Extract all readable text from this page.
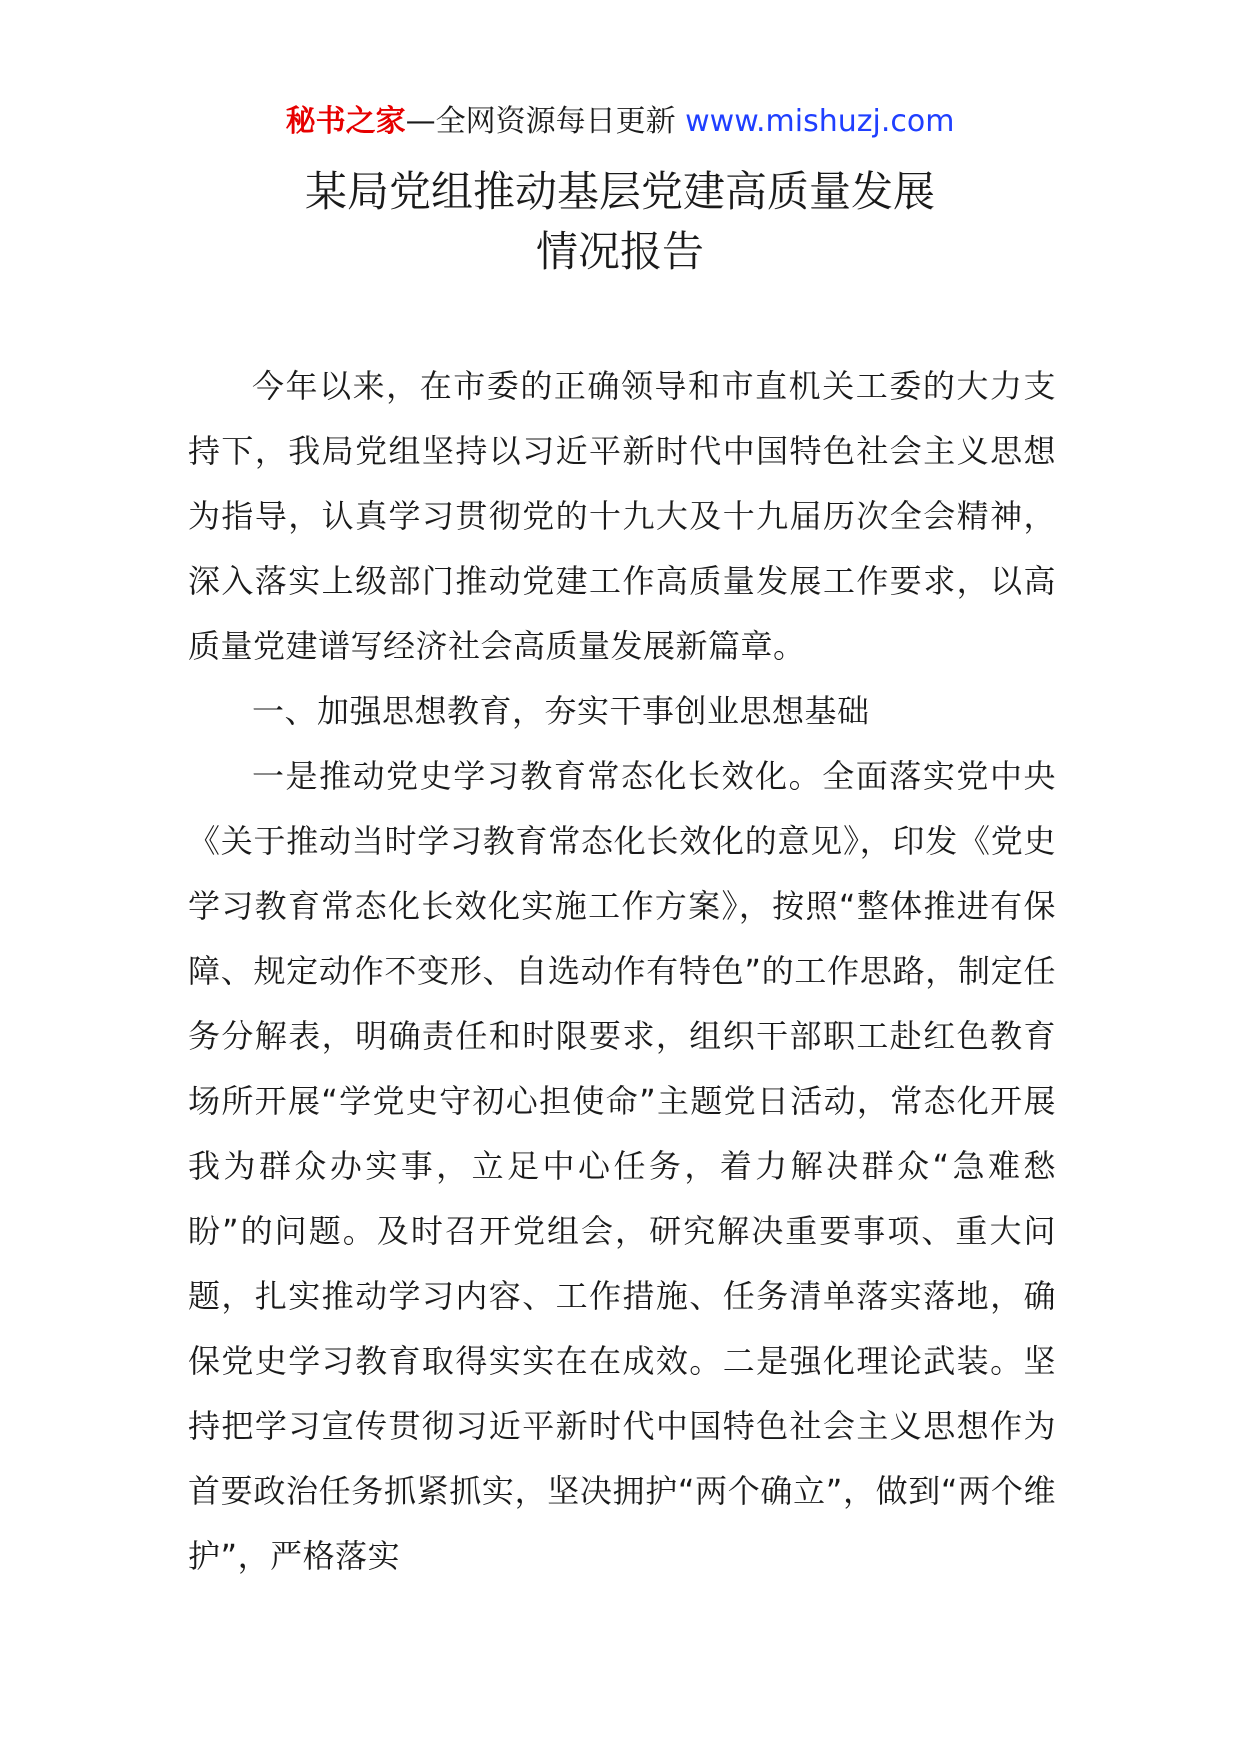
秘书之家—全网资源每日更新 www.mishuzj.com
某局党组推动基层党建高质量发展
情况报告

今年以来，在市委的正确领导和市直机关工委的大力支持下，我局党组坚持以习近平新时代中国特色社会主义思想为指导，认真学习贯彻党的十九大及十九届历次全会精神，深入落实上级部门推动党建工作高质量发展工作要求，以高质量党建谱写经济社会高质量发展新篇章。

一、加强思想教育，夯实干事创业思想基础

一是推动党史学习教育常态化长效化。全面落实党中央《关于推动当时学习教育常态化长效化的意见》，印发《党史学习教育常态化长效化实施工作方案》，按照“整体推进有保障、规定动作不变形、自选动作有特色”的工作思路，制定任务分解表，明确责任和时限要求，组织干部职工赴红色教育场所开展“学党史守初心担使命”主题党日活动，常态化开展我为群众办实事，立足中心任务，着力解决群众“急难愁盼”的问题。及时召开党组会，研究解决重要事项、重大问题，扎实推动学习内容、工作措施、任务清单落实落地，确保党史学习教育取得实实在在成效。二是强化理论武装。坚持把学习宣传贯彻习近平新时代中国特色社会主义思想作为首要政治任务抓紧抓实，坚决拥护“两个确立”，做到“两个维护”，严格落实
